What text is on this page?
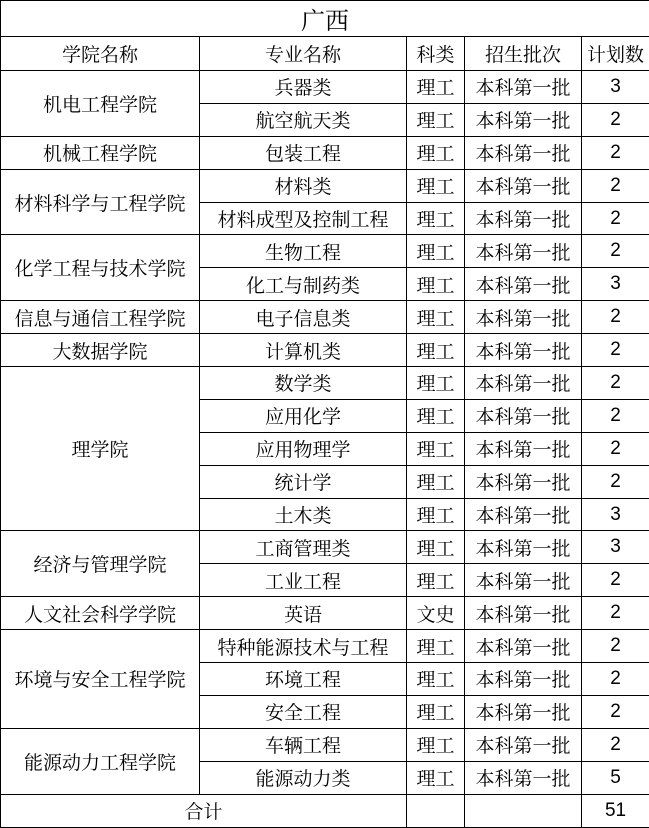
广西				
学院名称	专业名称	科类	招生批次	计划数
机电工程学院	兵器类	理工	本科第一批	3
	航空航天类	理工	本科第一批	2
机械工程学院	包装工程	理工	本科第一批	2
材料科学与工程学院	材料类	理工	本科第一批	2
	材料成型及控制工程	理工	本科第一批	2
化学工程与技术学院	生物工程	理工	本科第一批	2
	化工与制药类	理工	本科第一批	3
信息与通信工程学院	电子信息类	理工	本科第一批	2
大数据学院	计算机类	理工	本科第一批	2
理学院	数学类	理工	本科第一批	2
	应用化学	理工	本科第一批	2
	应用物理学	理工	本科第一批	2
	统计学	理工	本科第一批	2
	土木类	理工	本科第一批	3
经济与管理学院	工商管理类	理工	本科第一批	3
	工业工程	理工	本科第一批	2
人文社会科学学院	英语	文史	本科第一批	2
环境与安全工程学院	特种能源技术与工程	理工	本科第一批	2
	环境工程	理工	本科第一批	2
	安全工程	理工	本科第一批	2
能源动力工程学院	车辆工程	理工	本科第一批	2
	能源动力类	理工	本科第一批	5
合计				51
